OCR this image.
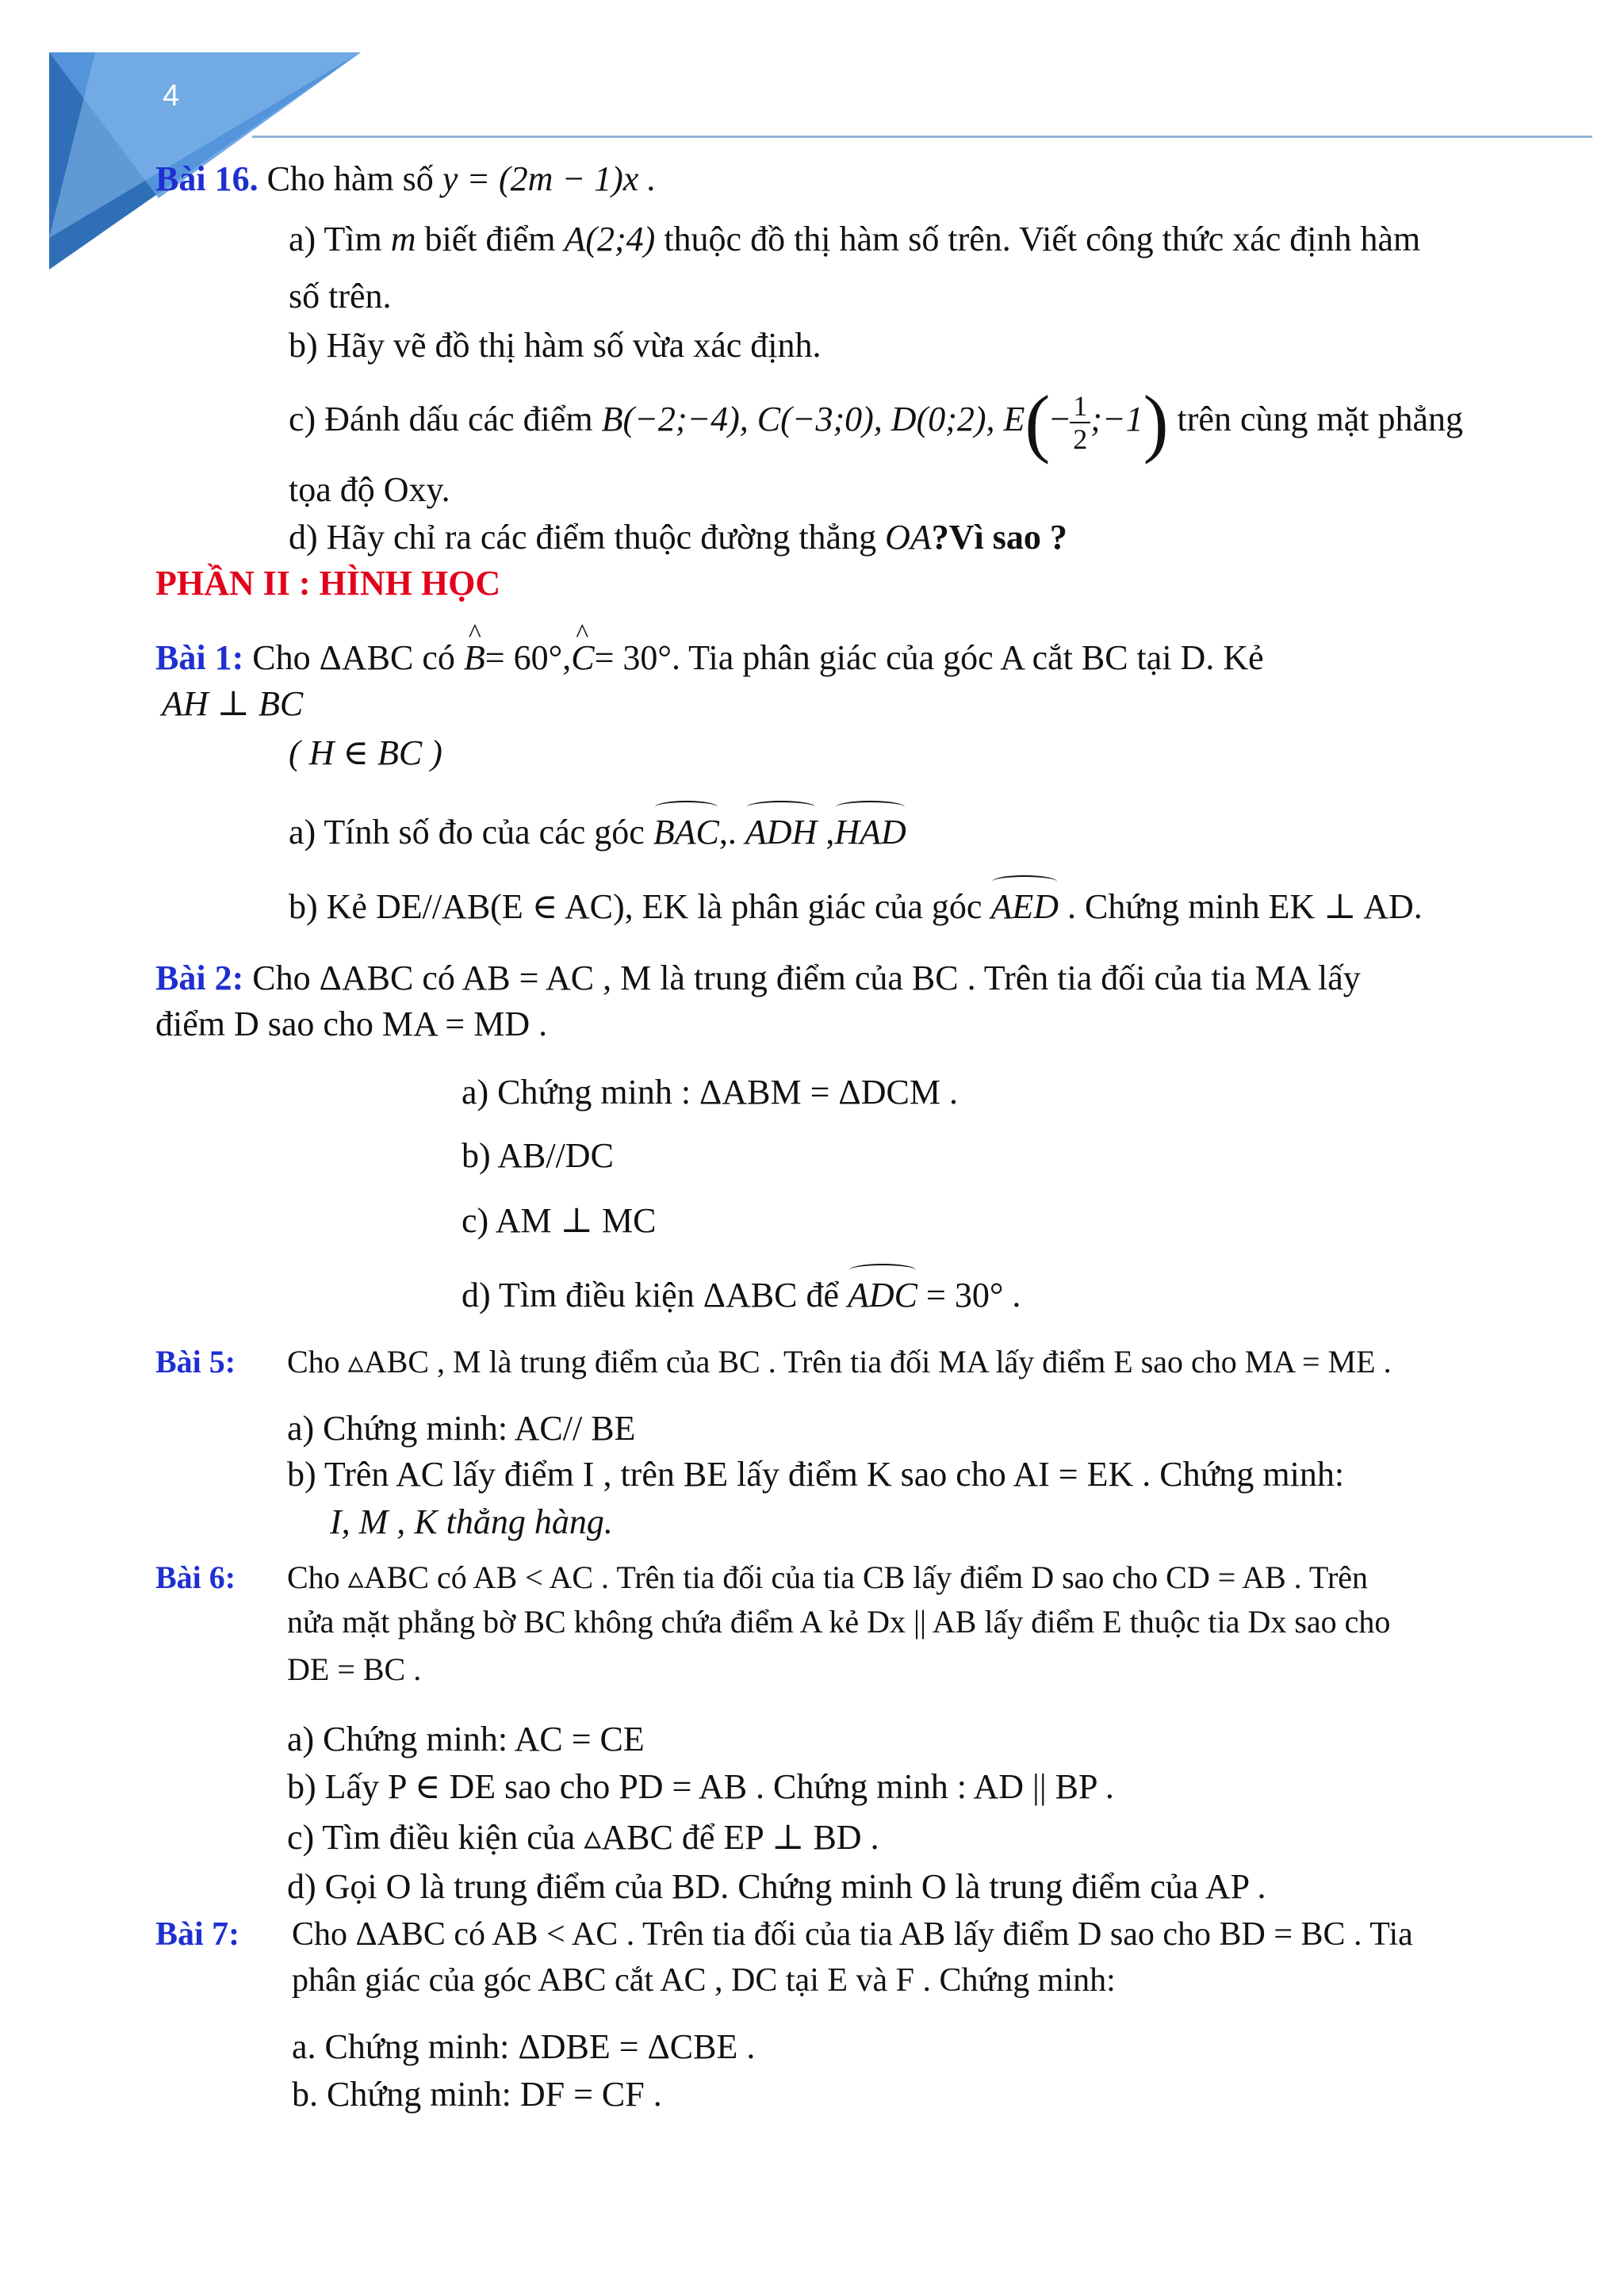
4
Bài 16. Cho hàm số y = (2m − 1)x .
a) Tìm m biết điểm A(2;4) thuộc đồ thị hàm số trên. Viết công thức xác định hàm
số trên.
b) Hãy vẽ đồ thị hàm số vừa xác định.
c) Đánh dấu các điểm B(−2;−4), C(−3;0), D(0;2), $E(- \frac{1}{2}$ ;−1) trên cùng mặt phẳng
tọa độ Oxy.
d) Hãy chỉ ra các điểm thuộc đường thẳng OA?Vì sao ?
PHẦN II : HÌNH HỌC
Bài 1: Cho ΔABC có ^ B= 60°,^ C= 30°. Tia phân giác của góc A cắt BC tại D. Kẻ
AH ⊥ BC
( H ∈ BC )
a) Tính số đo của các góc BAC,. ADH ,HAD
b) Kẻ DE//AB(E ∈ AC), EK là phân giác của góc AED . Chứng minh EK ⊥ AD.
Bài 2: Cho ΔABC có AB = AC , M là trung điểm của BC . Trên tia đối của tia MA lấy
điểm D sao cho MA = MD .
a) Chứng minh : ΔABM = ΔDCM .
b) AB//DC
c) AM ⊥ MC
d) Tìm điều kiện ΔABC để ADC = 30° .
Bài 5: Cho ▵ABC , M là trung điểm của BC . Trên tia đối MA lấy điểm E sao cho MA = ME .
a) Chứng minh: AC// BE
b) Trên AC lấy điểm I , trên BE lấy điểm K sao cho AI = EK . Chứng minh:
I, M , K thẳng hàng.
Bài 6: Cho ▵ABC có AB < AC . Trên tia đối của tia CB lấy điểm D sao cho CD = AB . Trên
nửa mặt phẳng bờ BC không chứa điểm A kẻ Dx || AB lấy điểm E thuộc tia Dx sao cho
DE = BC .
a) Chứng minh: AC = CE
b) Lấy P ∈ DE sao cho PD = AB . Chứng minh : AD || BP .
c) Tìm điều kiện của ▵ABC để EP ⊥ BD .
d) Gọi O là trung điểm của BD. Chứng minh O là trung điểm của AP .
Bài 7: Cho ΔABC có AB < AC . Trên tia đối của tia AB lấy điểm D sao cho BD = BC . Tia
phân giác của góc ABC cắt AC , DC tại E và F . Chứng minh:
a. Chứng minh: ΔDBE = ΔCBE .
b. Chứng minh: DF = CF .
